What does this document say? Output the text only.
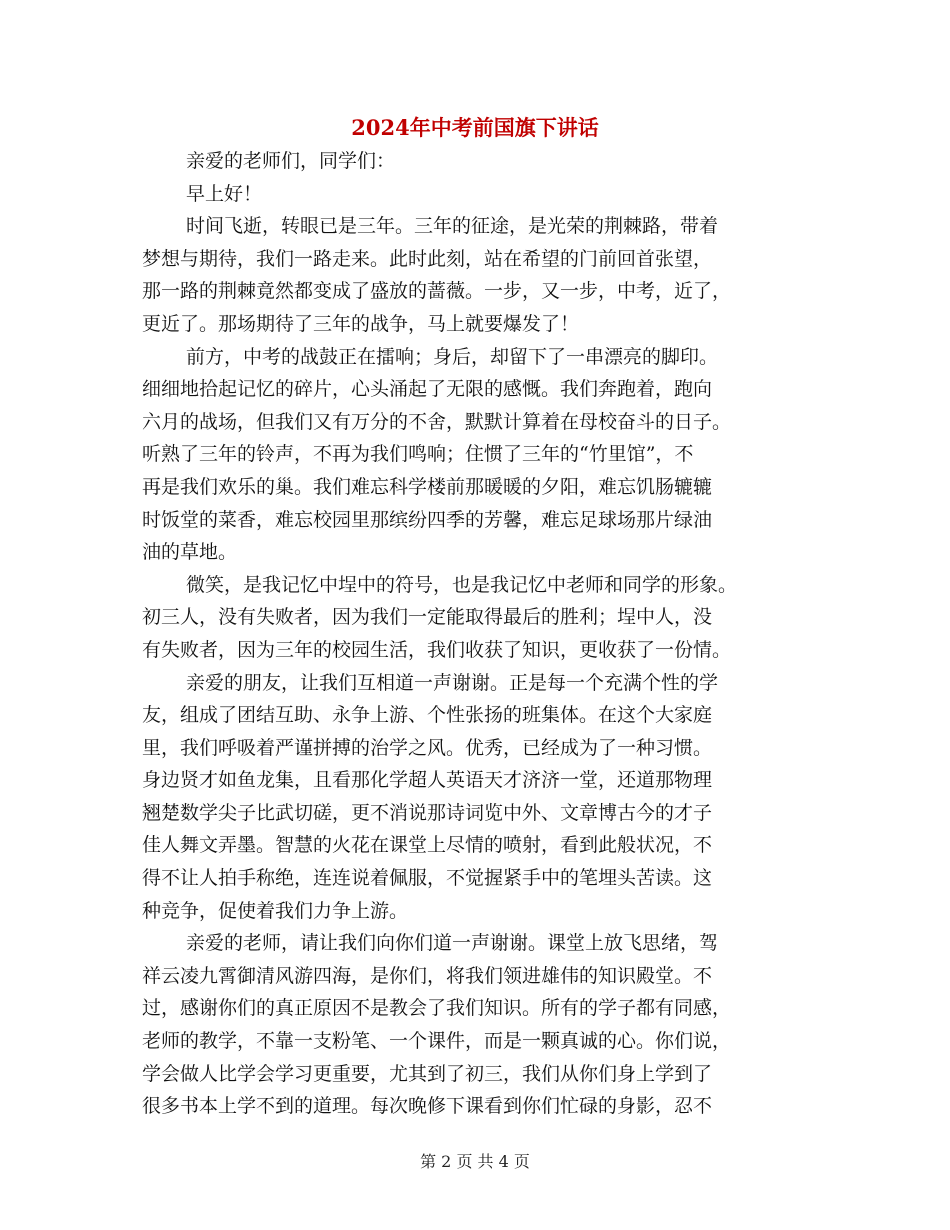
2024年中考前国旗下讲话

亲爱的老师们，同学们：

早上好！

时间飞逝，转眼已是三年。三年的征途，是光荣的荆棘路，带着
梦想与期待，我们一路走来。此时此刻，站在希望的门前回首张望，
那一路的荆棘竟然都变成了盛放的蔷薇。一步，又一步，中考，近了，
更近了。那场期待了三年的战争，马上就要爆发了！

前方，中考的战鼓正在擂响；身后，却留下了一串漂亮的脚印。
细细地拾起记忆的碎片，心头涌起了无限的感慨。我们奔跑着，跑向
六月的战场，但我们又有万分的不舍，默默计算着在母校奋斗的日子。
听熟了三年的铃声，不再为我们鸣响；住惯了三年的“竹里馆”，不
再是我们欢乐的巢。我们难忘科学楼前那暖暖的夕阳，难忘饥肠辘辘
时饭堂的菜香，难忘校园里那缤纷四季的芳馨，难忘足球场那片绿油
油的草地。

微笑，是我记忆中埕中的符号，也是我记忆中老师和同学的形象。
初三人，没有失败者，因为我们一定能取得最后的胜利；埕中人，没
有失败者，因为三年的校园生活，我们收获了知识，更收获了一份情。

亲爱的朋友，让我们互相道一声谢谢。正是每一个充满个性的学
友，组成了团结互助、永争上游、个性张扬的班集体。在这个大家庭
里，我们呼吸着严谨拼搏的治学之风。优秀，已经成为了一种习惯。
身边贤才如鱼龙集，且看那化学超人英语天才济济一堂，还道那物理
翘楚数学尖子比武切磋，更不消说那诗词览中外、文章博古今的才子
佳人舞文弄墨。智慧的火花在课堂上尽情的喷射，看到此般状况，不
得不让人拍手称绝，连连说着佩服，不觉握紧手中的笔埋头苦读。这
种竞争，促使着我们力争上游。

亲爱的老师，请让我们向你们道一声谢谢。课堂上放飞思绪，驾
祥云凌九霄御清风游四海，是你们，将我们领进雄伟的知识殿堂。不
过，感谢你们的真正原因不是教会了我们知识。所有的学子都有同感，
老师的教学，不靠一支粉笔、一个课件，而是一颗真诚的心。你们说，
学会做人比学会学习更重要，尤其到了初三，我们从你们身上学到了
很多书本上学不到的道理。每次晚修下课看到你们忙碌的身影，忍不

第 2 页 共 4 页
